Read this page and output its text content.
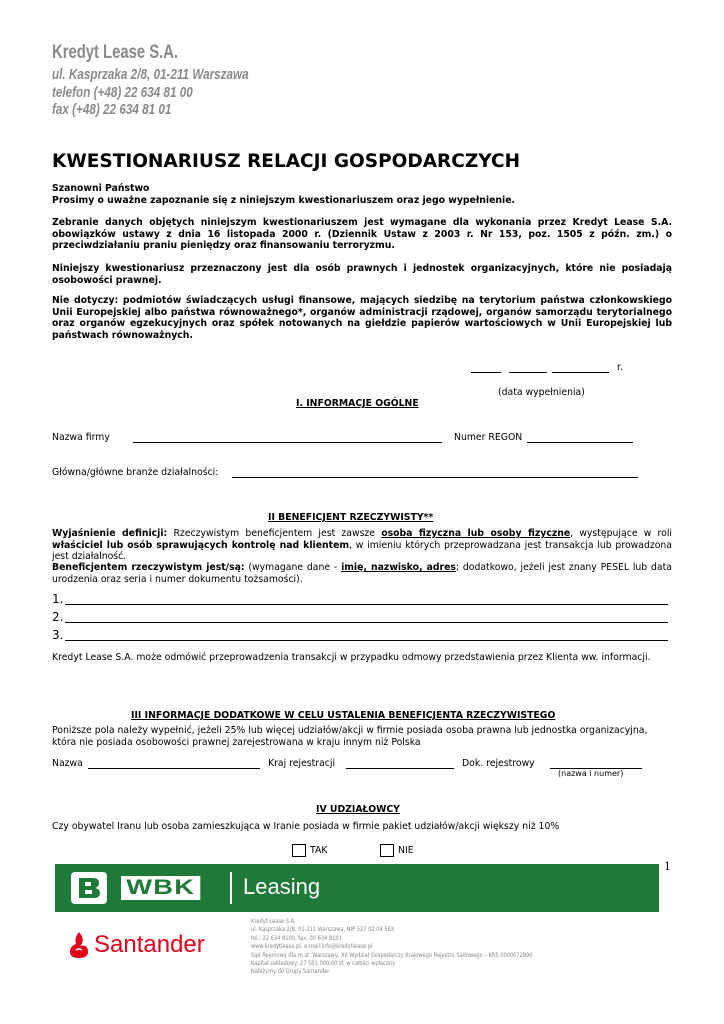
Kredyt Lease S.A.
ul. Kasprzaka 2/8, 01-211 Warszawa
telefon (+48) 22 634 81 00
fax (+48) 22 634 81 01
KWESTIONARIUSZ RELACJI GOSPODARCZYCH
Szanowni Państwo
Prosimy o uważne zapoznanie się z niniejszym kwestionariuszem oraz jego wypełnienie.
Zebranie danych objętych niniejszym kwestionariuszem jest wymagane dla wykonania przez Kredyt Lease S.A. obowiązków ustawy z dnia 16 listopada 2000 r. (Dziennik Ustaw z 2003 r. Nr 153, poz. 1505 z późn. zm.) o przeciwdziałaniu praniu pieniędzy oraz finansowaniu terroryzmu.
Niniejszy kwestionariusz przeznaczony jest dla osób prawnych i jednostek organizacyjnych, które nie posiadają osobowości prawnej.
Nie dotyczy: podmiotów świadczących usługi finansowe, mających siedzibę na terytorium państwa członkowskiego Unii Europejskiej albo państwa równoważnego*, organów administracji rządowej, organów samorządu terytorialnego oraz organów egzekucyjnych oraz spółek notowanych na giełdzie papierów wartościowych w Unii Europejskiej lub państwach równoważnych.
r.
(data wypełnienia)
I. INFORMACJE OGÓLNE
Nazwa firmy	Numer REGON
Główna/główne branże działalności:
II BENEFICJENT RZECZYWISTY**
Wyjaśnienie definicji: Rzeczywistym beneficjentem jest zawsze osoba fizyczna lub osoby fizyczne, występujące w roli właściciel lub osób sprawujących kontrolę nad klientem, w imieniu których przeprowadzana jest transakcja lub prowadzona jest działalność.
Beneficjentem rzeczywistym jest/są: (wymagane dane - imię, nazwisko, adres; dodatkowo, jeżeli jest znany PESEL lub data urodzenia oraz seria i numer dokumentu tożsamości).
1.
2.
3.
Kredyt Lease S.A. może odmówić przeprowadzenia transakcji w przypadku odmowy przedstawienia przez Klienta ww. informacji.
III INFORMACJE DODATKOWE W CELU USTALENIA BENEFICJENTA RZECZYWISTEGO
Poniższe pola należy wypełnić, jeżeli 25% lub więcej udziałów/akcji w firmie posiada osoba prawna lub jednostka organizacyjna, która nie posiada osobowości prawnej zarejestrowana w kraju innym niż Polska
Nazwa	Kraj rejestracji	Dok. rejestrowy
(nazwa i numer)
IV UDZIAŁOWCY
Czy obywatel Iranu lub osoba zamieszkująca w Iranie posiada w firmie pakiet udziałów/akcji większy niż 10%
TAK	NIE
1
WBK Leasing
Santander
Kredyt Lease S.A.
ul. Kasprzaka 2/8, 01-211 Warszawa, NIP 527 02 04 583
tel.: 22 634 8100, fax: 00 634 8101
www.kredytlease.pl, e-mail:info@kredytlease.pl
Sąd Rejonowy dla m.st. Warszawy, XII Wydział Gospodarczy Krajowego Rejestru Sądowego – KRS 0000072890
Kapitał zakładowy: 27 501 000,00 zł, w całości wpłacony
Należymy do Grupy Santander
